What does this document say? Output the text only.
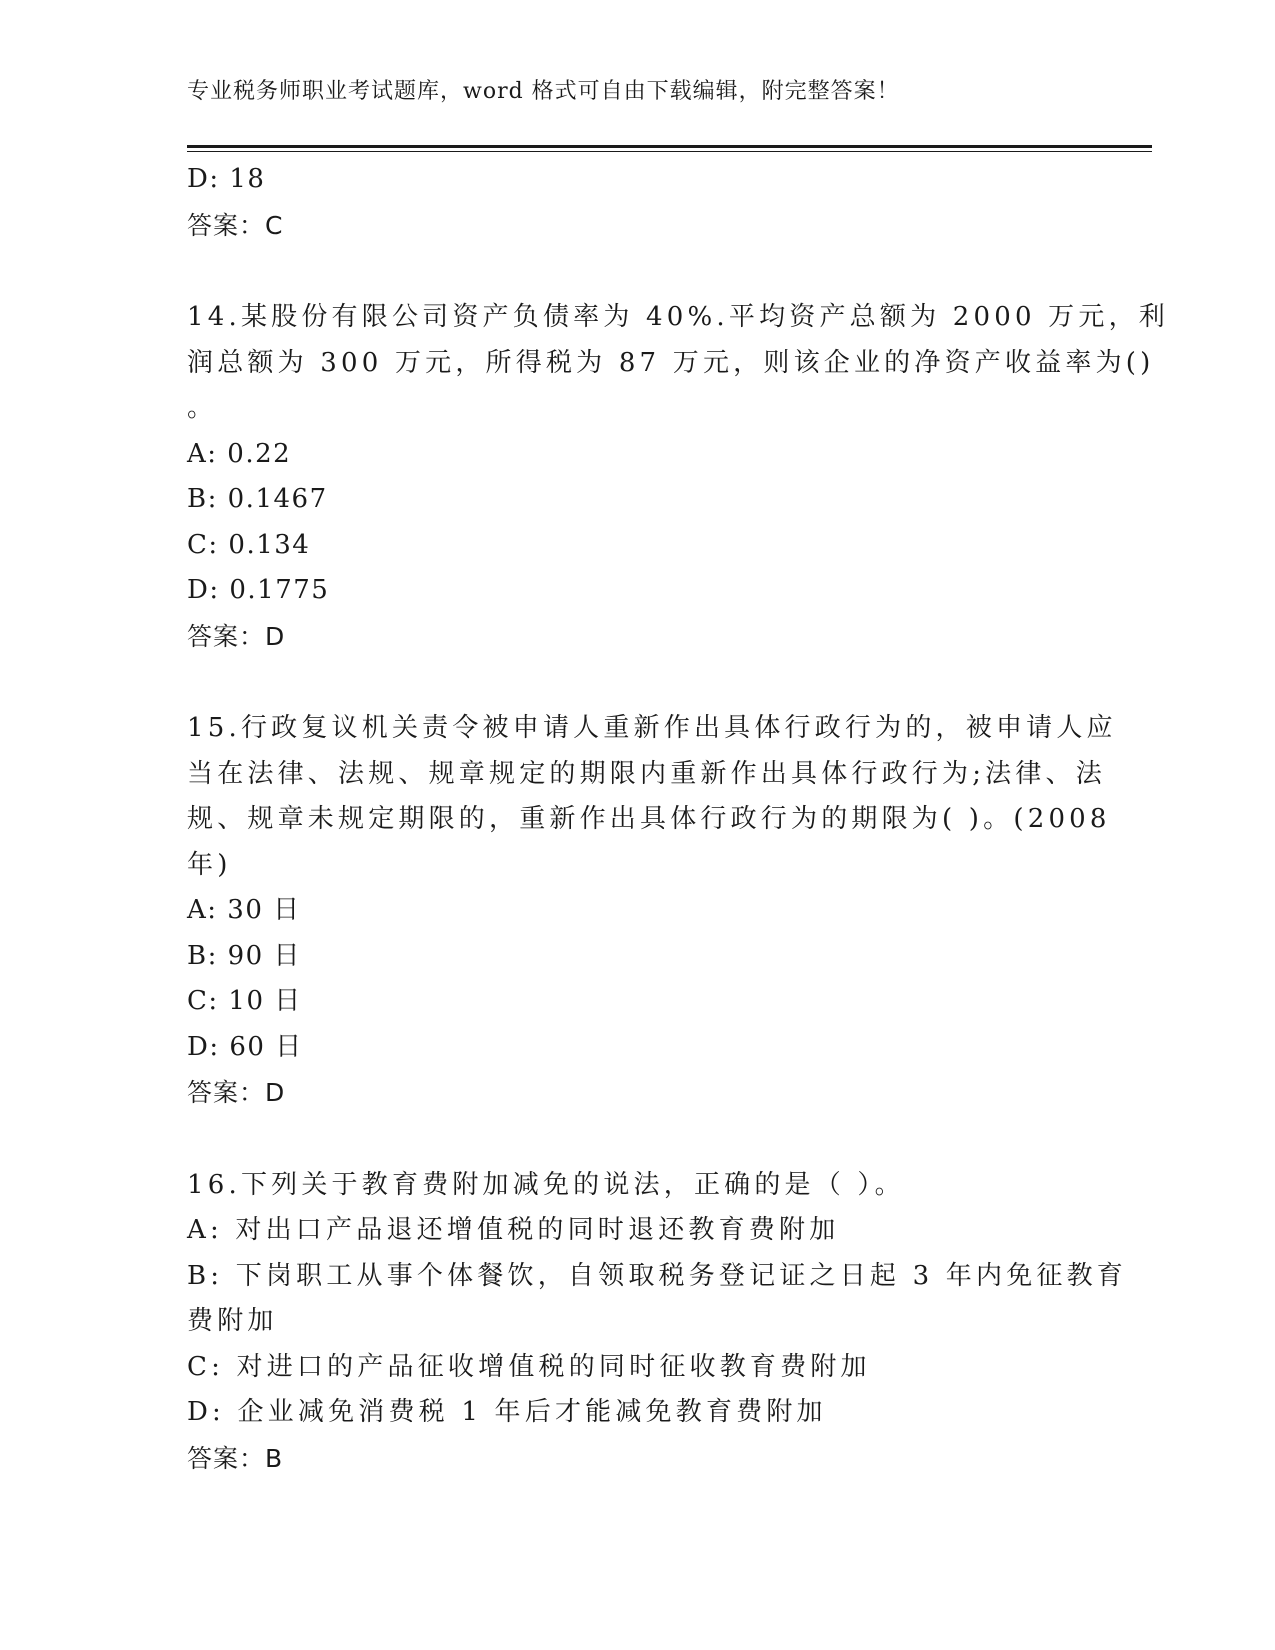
专业税务师职业考试题库，word 格式可自由下载编辑，附完整答案！
D: 18
答案：C
14.某股份有限公司资产负债率为 40%.平均资产总额为 2000 万元，利
润总额为 300 万元，所得税为 87 万元，则该企业的净资产收益率为()
。
A: 0.22
B: 0.1467
C: 0.134
D: 0.1775
答案：D
15.行政复议机关责令被申请人重新作出具体行政行为的，被申请人应
当在法律、法规、规章规定的期限内重新作出具体行政行为;法律、法
规、规章未规定期限的，重新作出具体行政行为的期限为( )。(2008
年)
A: 30 日
B: 90 日
C: 10 日
D: 60 日
答案：D
16.下列关于教育费附加减免的说法，正确的是（ ）。
A: 对出口产品退还增值税的同时退还教育费附加
B: 下岗职工从事个体餐饮，自领取税务登记证之日起 3 年内免征教育
费附加
C: 对进口的产品征收增值税的同时征收教育费附加
D: 企业减免消费税 1 年后才能减免教育费附加
答案：B
